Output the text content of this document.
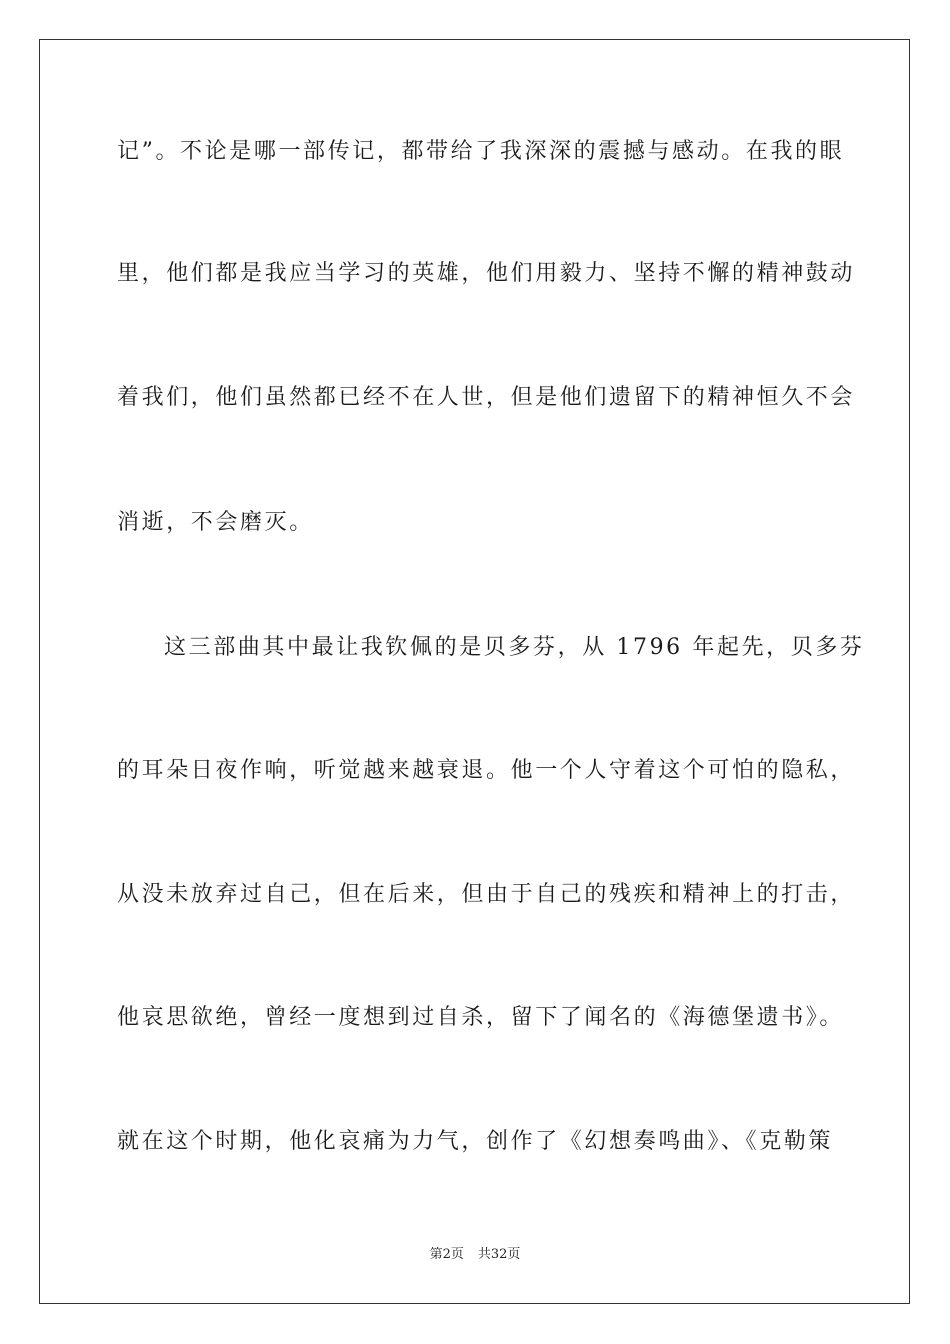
记”。不论是哪一部传记，都带给了我深深的震撼与感动。在我的眼
里，他们都是我应当学习的英雄，他们用毅力、坚持不懈的精神鼓动
着我们，他们虽然都已经不在人世，但是他们遗留下的精神恒久不会
消逝，不会磨灭。
这三部曲其中最让我钦佩的是贝多芬，从 1796 年起先，贝多芬
的耳朵日夜作响，听觉越来越衰退。他一个人守着这个可怕的隐私，
从没未放弃过自己，但在后来，但由于自己的残疾和精神上的打击，
他哀思欲绝，曾经一度想到过自杀，留下了闻名的《海德堡遗书》。
就在这个时期，他化哀痛为力气，创作了《幻想奏鸣曲》、《克勒策
第2页 共32页
